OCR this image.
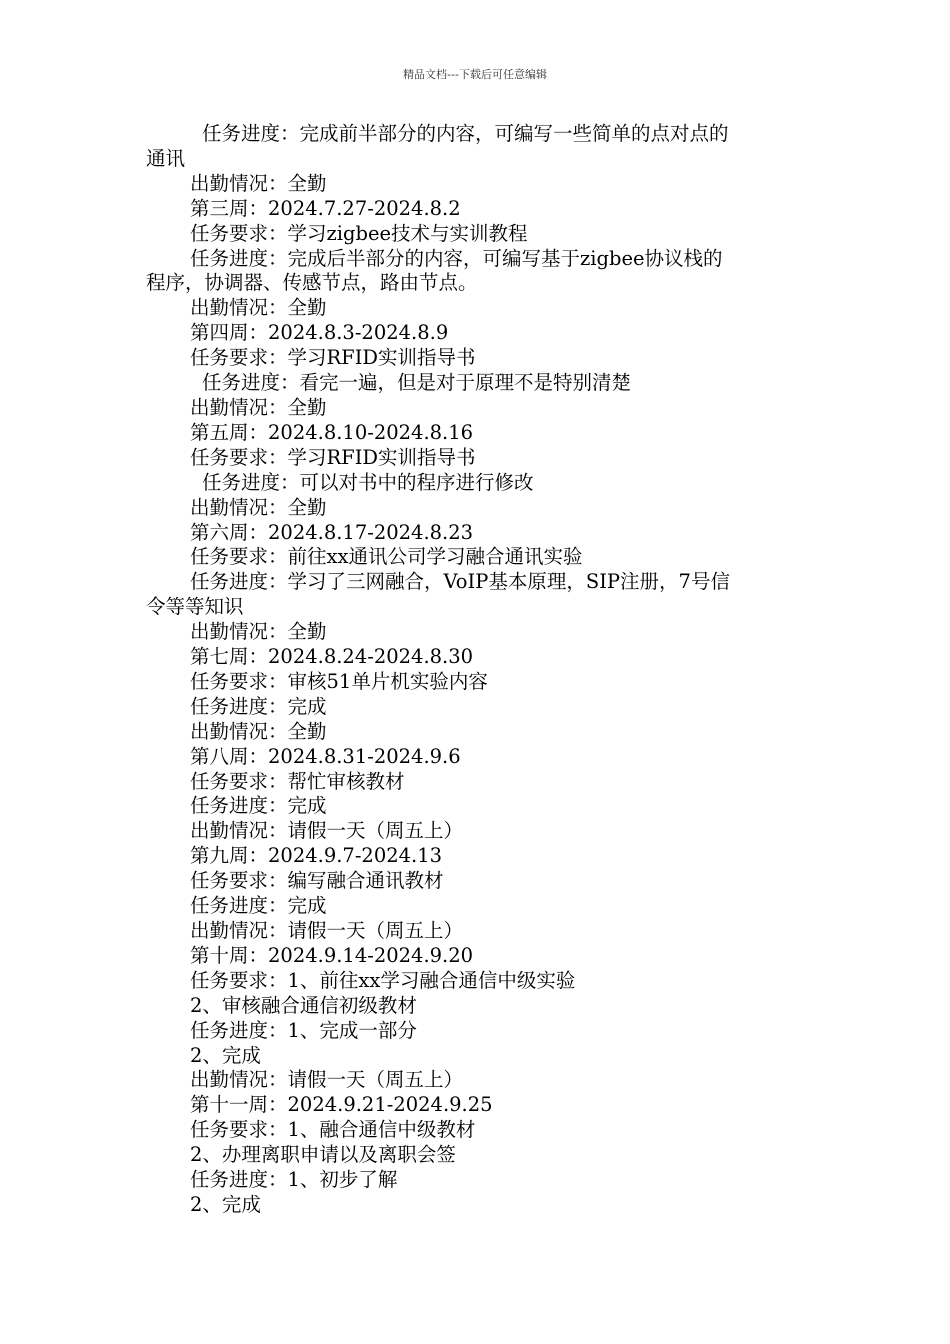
精品文档---下载后可任意编辑
任务进度：完成前半部分的内容，可编写一些简单的点对点的
通讯
出勤情况：全勤
第三周：2024.7.27-2024.8.2
任务要求：学习zigbee技术与实训教程
任务进度：完成后半部分的内容，可编写基于zigbee协议栈的
程序，协调器、传感节点，路由节点。
出勤情况：全勤
第四周：2024.8.3-2024.8.9
任务要求：学习RFID实训指导书
任务进度：看完一遍，但是对于原理不是特别清楚
出勤情况：全勤
第五周：2024.8.10-2024.8.16
任务要求：学习RFID实训指导书
任务进度：可以对书中的程序进行修改
出勤情况：全勤
第六周：2024.8.17-2024.8.23
任务要求：前往xx通讯公司学习融合通讯实验
任务进度：学习了三网融合，VoIP基本原理，SIP注册，7号信
令等等知识
出勤情况：全勤
第七周：2024.8.24-2024.8.30
任务要求：审核51单片机实验内容
任务进度：完成
出勤情况：全勤
第八周：2024.8.31-2024.9.6
任务要求：帮忙审核教材
任务进度：完成
出勤情况：请假一天（周五上）
第九周：2024.9.7-2024.13
任务要求：编写融合通讯教材
任务进度：完成
出勤情况：请假一天（周五上）
第十周：2024.9.14-2024.9.20
任务要求：1、前往xx学习融合通信中级实验
2、审核融合通信初级教材
任务进度：1、完成一部分
2、完成
出勤情况：请假一天（周五上）
第十一周：2024.9.21-2024.9.25
任务要求：1、融合通信中级教材
2、办理离职申请以及离职会签
任务进度：1、初步了解
2、完成
